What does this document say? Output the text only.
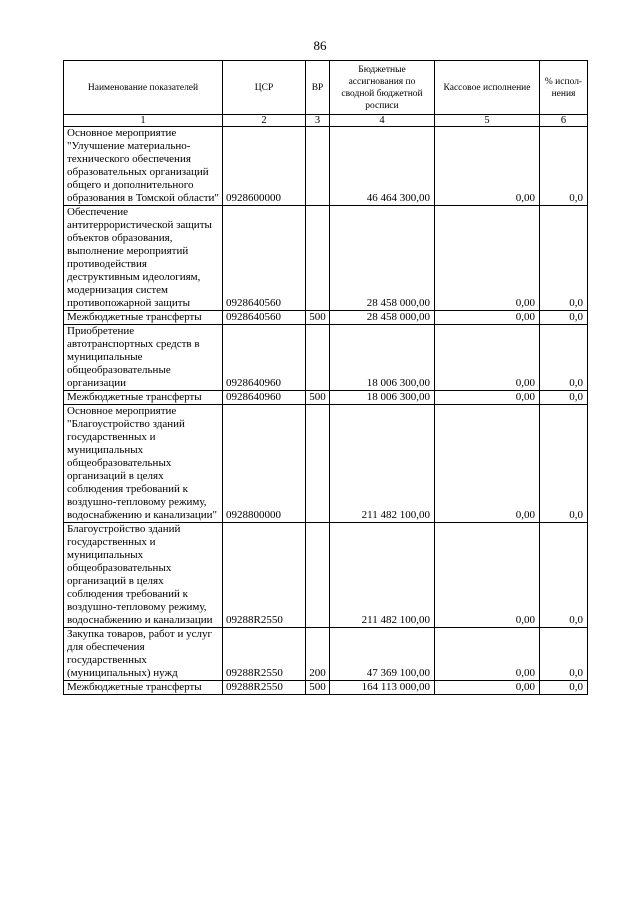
86
Наименование показателей	ЦСР	ВР	Бюджетные ассигнования по сводной бюджетной росписи	Кассовое исполнение	% испол-нения
1	2	3	4	5	6
Основное мероприятие "Улучшение материально-технического обеспечения образовательных организаций общего и дополнительного образования в Томской области"	0928600000		46 464 300,00	0,00	0,0
Обеспечение антитеррористической защиты объектов образования, выполнение мероприятий противодействия деструктивным идеологиям, модернизация систем противопожарной защиты	0928640560		28 458 000,00	0,00	0,0
Межбюджетные трансферты	0928640560	500	28 458 000,00	0,00	0,0
Приобретение автотранспортных средств в муниципальные общеобразовательные организации	0928640960		18 006 300,00	0,00	0,0
Межбюджетные трансферты	0928640960	500	18 006 300,00	0,00	0,0
Основное мероприятие "Благоустройство зданий государственных и муниципальных общеобразовательных организаций в целях соблюдения требований к воздушно-тепловому режиму, водоснабжению и канализации"	0928800000		211 482 100,00	0,00	0,0
Благоустройство зданий государственных и муниципальных общеобразовательных организаций в целях соблюдения требований к воздушно-тепловому режиму, водоснабжению и канализации	09288R2550		211 482 100,00	0,00	0,0
Закупка товаров, работ и услуг для обеспечения государственных (муниципальных) нужд	09288R2550	200	47 369 100,00	0,00	0,0
Межбюджетные трансферты	09288R2550	500	164 113 000,00	0,00	0,0
